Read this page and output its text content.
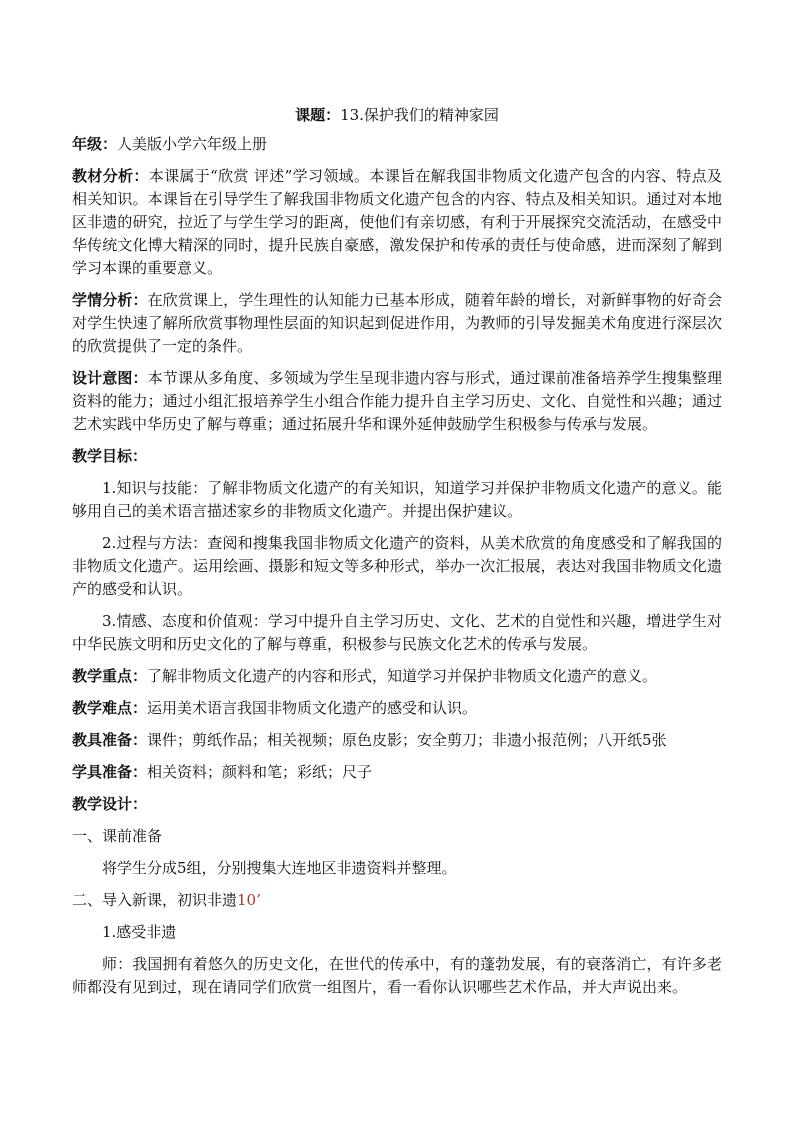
课题：13.保护我们的精神家园

年级：人美版小学六年级上册

教材分析：本课属于“欣赏 评述”学习领域。本课旨在解我国非物质文化遗产包含的内容、特点及相关知识。本课旨在引导学生了解我国非物质文化遗产包含的内容、特点及相关知识。通过对本地区非遗的研究，拉近了与学生学习的距离，使他们有亲切感，有利于开展探究交流活动，在感受中华传统文化博大精深的同时，提升民族自豪感，激发保护和传承的责任与使命感，进而深刻了解到学习本课的重要意义。

学情分析：在欣赏课上，学生理性的认知能力已基本形成，随着年龄的增长，对新鲜事物的好奇会对学生快速了解所欣赏事物理性层面的知识起到促进作用，为教师的引导发掘美术角度进行深层次的欣赏提供了一定的条件。

设计意图：本节课从多角度、多领域为学生呈现非遗内容与形式，通过课前准备培养学生搜集整理资料的能力；通过小组汇报培养学生小组合作能力提升自主学习历史、文化、自觉性和兴趣；通过艺术实践中华历史了解与尊重；通过拓展升华和课外延伸鼓励学生积极参与传承与发展。

教学目标：

1.知识与技能：了解非物质文化遗产的有关知识，知道学习并保护非物质文化遗产的意义。能够用自己的美术语言描述家乡的非物质文化遗产。并提出保护建议。

2.过程与方法：查阅和搜集我国非物质文化遗产的资料，从美术欣赏的角度感受和了解我国的非物质文化遗产。运用绘画、摄影和短文等多种形式，举办一次汇报展，表达对我国非物质文化遗产的感受和认识。

3.情感、态度和价值观：学习中提升自主学习历史、文化、艺术的自觉性和兴趣，增进学生对中华民族文明和历史文化的了解与尊重，积极参与民族文化艺术的传承与发展。

教学重点：了解非物质文化遗产的内容和形式，知道学习并保护非物质文化遗产的意义。

教学难点：运用美术语言我国非物质文化遗产的感受和认识。

教具准备：课件；剪纸作品；相关视频；原色皮影；安全剪刀；非遗小报范例；八开纸5张

学具准备：相关资料；颜料和笔；彩纸；尺子

教学设计：

一、课前准备

将学生分成5组，分别搜集大连地区非遗资料并整理。

二、导入新课，初识非遗10’

1.感受非遗

师：我国拥有着悠久的历史文化，在世代的传承中，有的蓬勃发展，有的衰落消亡，有许多老师都没有见到过，现在请同学们欣赏一组图片，看一看你认识哪些艺术作品，并大声说出来。
